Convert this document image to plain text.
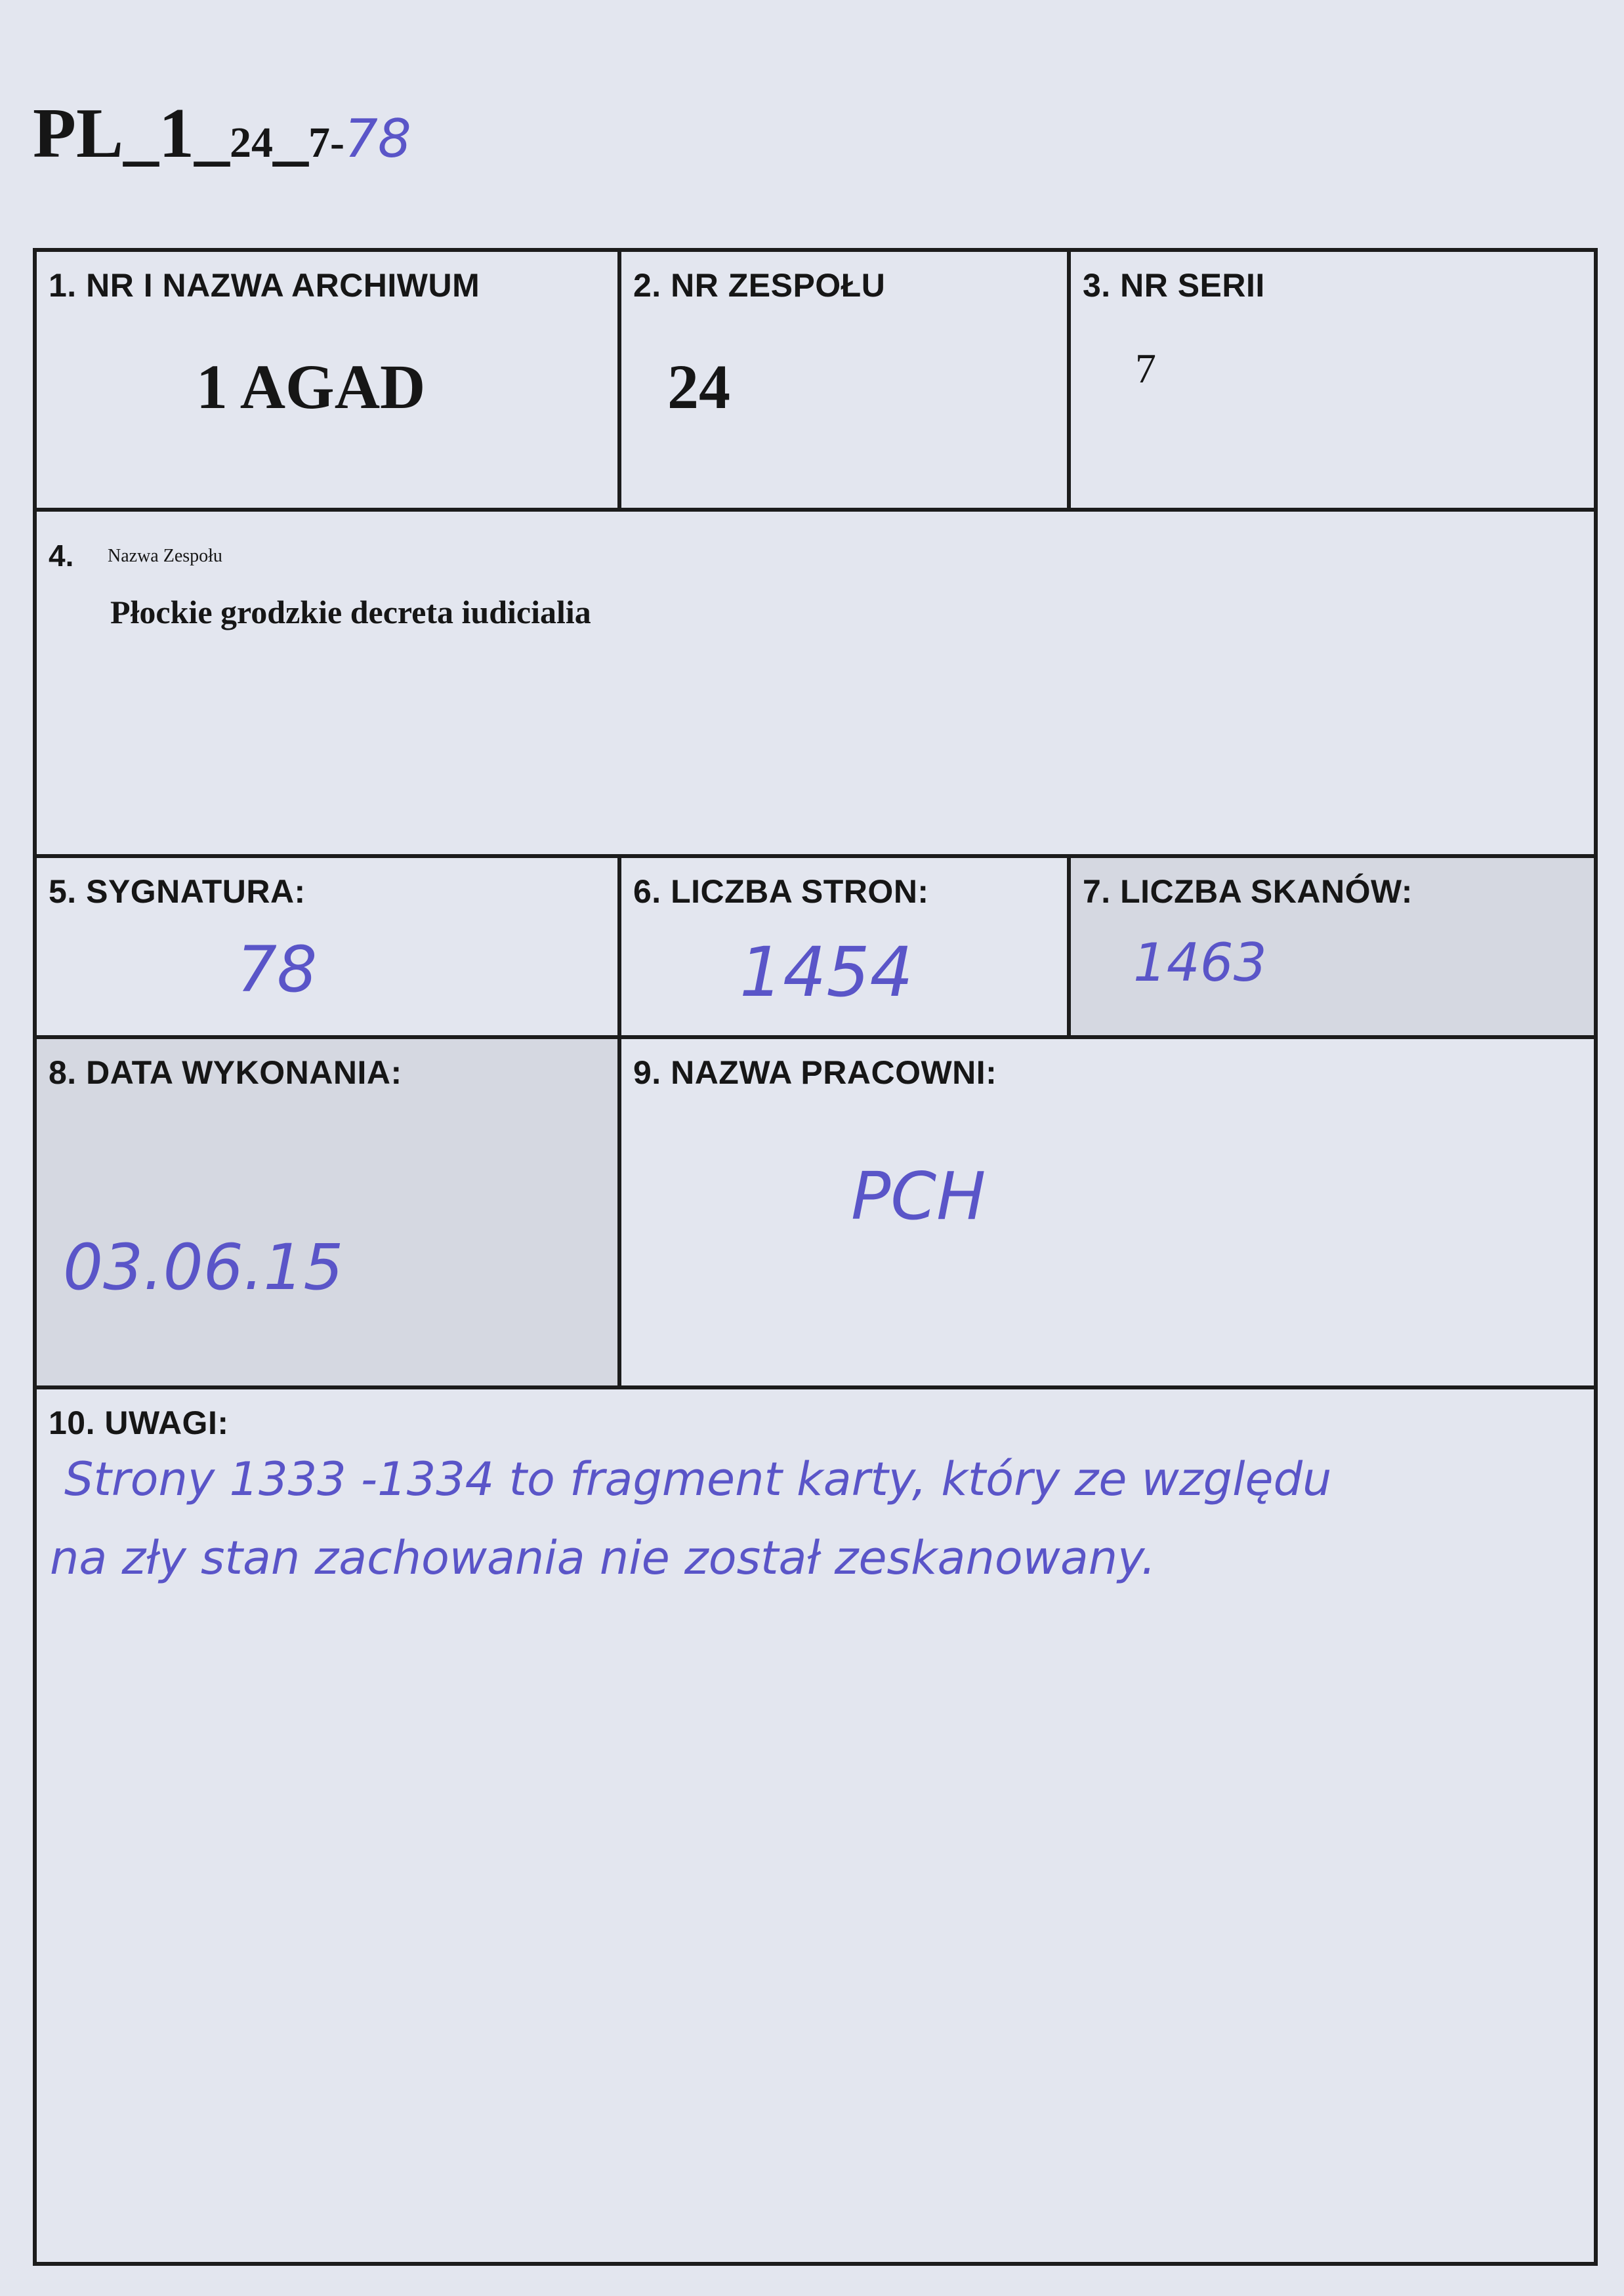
PL_1_24_7-78
1. NR I NAZWA ARCHIWUM
1 AGAD
2. NR ZESPOŁU
24
3. NR SERII
7
4. Nazwa Zespołu
Płockie grodzkie decreta iudicialia
5. SYGNATURA:
78
6. LICZBA STRON:
1454
7. LICZBA SKANÓW:
1463
8. DATA WYKONANIA:
03.06.15
9. NAZWA PRACOWNI:
PCH
10. UWAGI:
Strony 1333 -1334 to fragment karty, który ze względu
na zły stan zachowania nie został zeskanowany.
